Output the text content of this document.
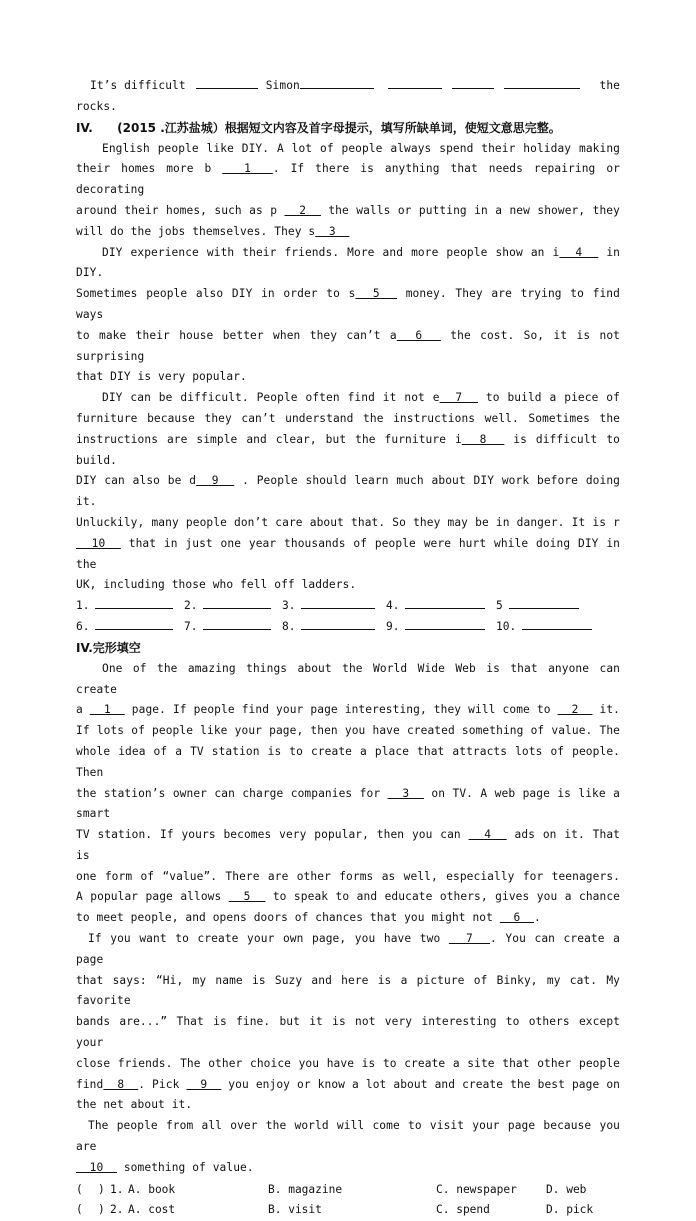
It’s difficult	Simon	the

rocks.

IV. (2015 .江苏盐城）根据短文内容及首字母提示，填写所缺单词，使短文意思完整。

English people like DIY. A lot of people always spend their holiday making

their homes more b   1  . If there is anything that needs repairing or decorating

around their homes, such as p   2   the walls or putting in a new shower, they

will do the jobs themselves. They s  3

DIY experience with their friends. More and more people show an i  4   in DIY.

Sometimes people also DIY in order to s  5   money. They are trying to find ways

to make their house better when they can’t a  6   the cost. So, it is not surprising

that DIY is very popular.

DIY can be difficult. People often find it not e  7   to build a piece of

furniture because they can’t understand the instructions well. Sometimes the

instructions are simple and clear, but the furniture i  8   is difficult to build.

DIY can also be d  9   . People should learn much about DIY work before doing it.

Unluckily, many people don’t care about that. So they may be in danger. It is r

10   that in just one year thousands of people were hurt while doing DIY in the

UK, including those who fell off ladders.

1.	2.	3.	4.	5
6.	7.	8.	9.	10.

IV.完形填空

One of the amazing things about the World Wide Web is that anyone can create

a   1   page. If people find your page interesting, they will come to   2   it.

If lots of people like your page, then you have created something of value. The

whole idea of a TV station is to create a place that attracts lots of people. Then

the station’s owner can charge companies for   3   on TV. A web page is like a smart

TV station. If yours becomes very popular, then you can   4   ads on it. That is

one form of “value”. There are other forms as well, especially for teenagers.

A popular page allows   5   to speak to and educate others, gives you a chance

to meet people, and opens doors of chances that you might not   6  .

If you want to create your own page, you have two   7  . You can create a page

that says: “Hi, my name is Suzy and here is a picture of Binky, my cat. My favorite

bands are...” That is fine. but it is not very interesting to others except your

close friends. The other choice you have is to create a site that other people

find  8  . Pick   9   you enjoy or know a lot about and create the best page on

the net about it.

The people from all over the world will come to visit your page because you are

10   something of value.

(	) 1. A. book	B. magazine	C. newspaper	D. web
(	) 2. A. cost	B. visit	C. spend	D. pick
